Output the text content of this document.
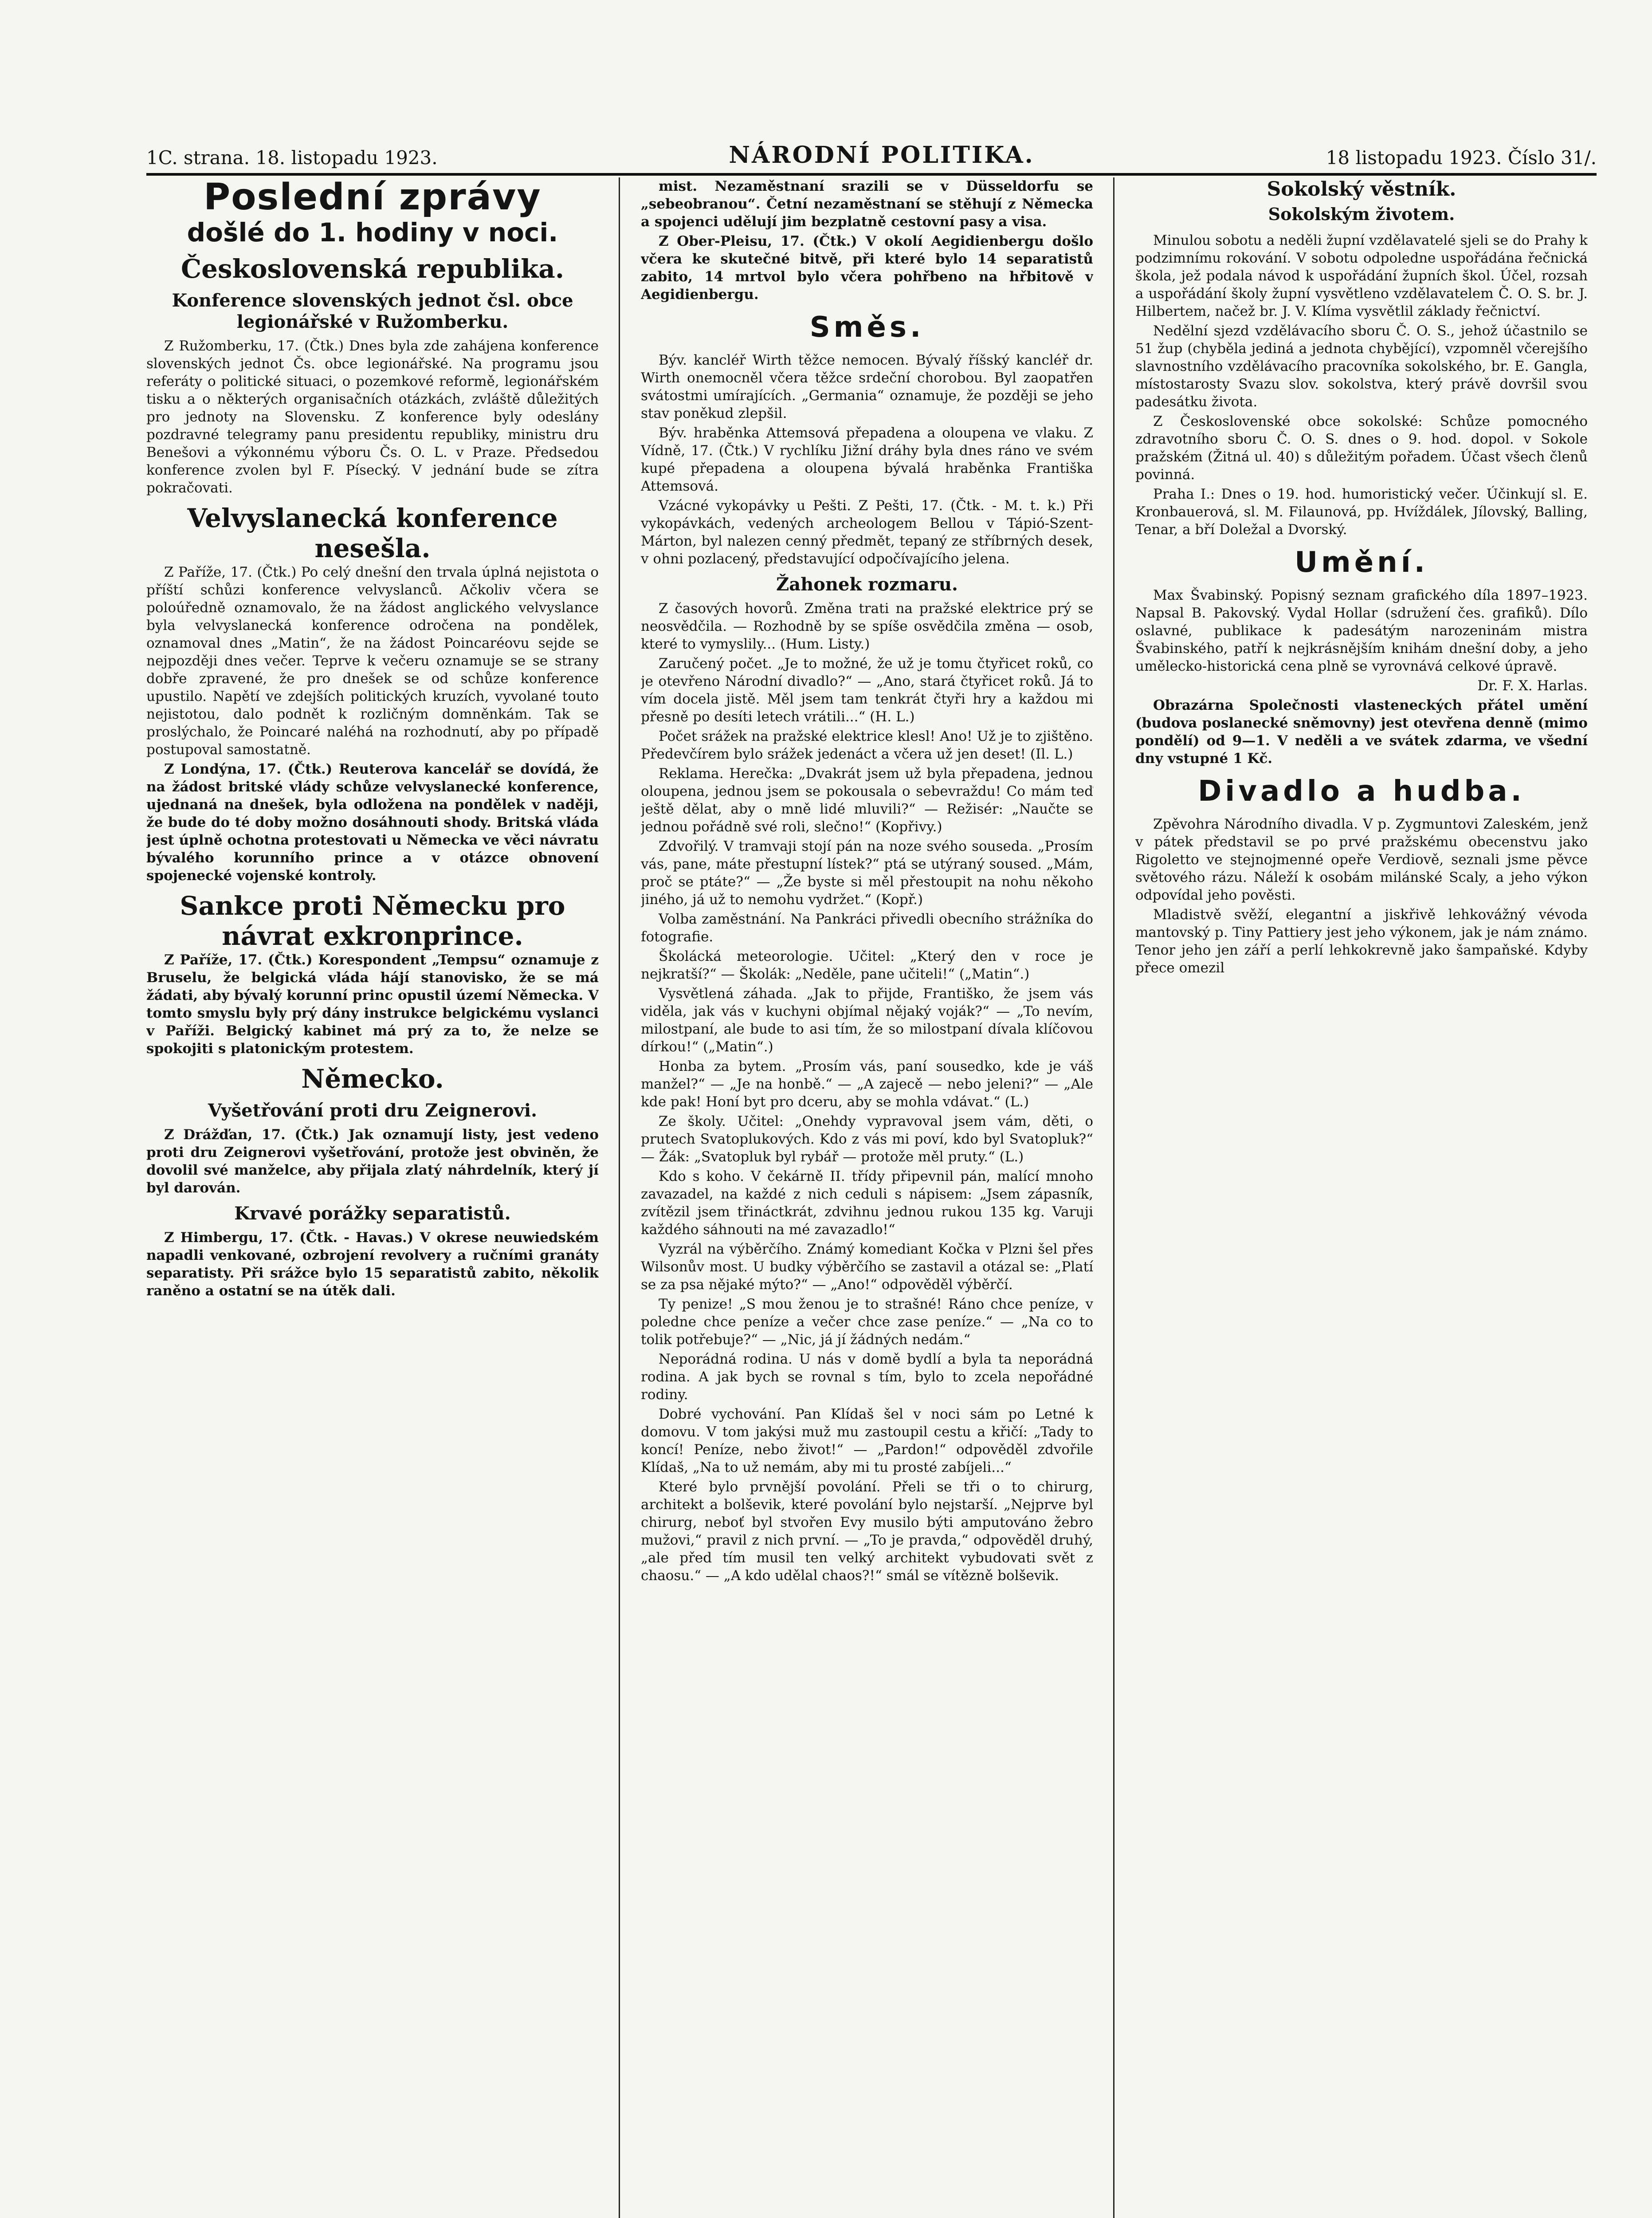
1C. strana. 18. listopadu 1923.	NÁRODNÍ POLITIKA.	18 listopadu 1923. Číslo 31/.
Poslední zprávy
došlé do 1. hodiny v noci.
Československá republika.
Konference slovenských jednot čsl. obce legionářské v Ružomberku.

Z Ružomberku, 17. (Čtk.) Dnes byla zde zahájena konference slovenských jednot Čs. obce legionářské. Na programu jsou referáty o politické situaci, o pozemkové reformě, legionářském tisku a o některých organisačních otázkách, zvláště důležitých pro jednoty na Slovensku. Z konference byly odeslány pozdravné telegramy panu presidentu republiky, ministru dru Benešovi a výkonnému výboru Čs. O. L. v Praze. Předsedou konference zvolen byl F. Písecký. V jednání bude se zítra pokračovati.

Velvyslanecká konference nesešla.

Z Paříže, 17. (Čtk.) Po celý dnešní den trvala úplná nejistota o příští schůzi konference velvyslanců. Ačkoliv včera se poloúředně oznamovalo, že na žádost anglického velvyslance byla velvyslanecká konference odročena na pondělek, oznamoval dnes „Matin“, že na žádost Poincaréovu sejde se nejpozději dnes večer. Teprve k večeru oznamuje se se strany dobře zpravené, že pro dnešek se od schůze konference upustilo. Napětí ve zdejších politických kruzích, vyvolané touto nejistotou, dalo podnět k rozličným domněnkám. Tak se proslýchalo, že Poincaré naléhá na rozhodnutí, aby po případě postupoval samostatně.

Z Londýna, 17. (Čtk.) Reuterova kancelář se dovídá, že na žádost britské vlády schůze velvyslanecké konference, ujednaná na dnešek, byla odložena na pondělek v naději, že bude do té doby možno dosáhnouti shody. Britská vláda jest úplně ochotna protestovati u Německa ve věci návratu bývalého korunního prince a v otázce obnovení spojenecké vojenské kontroly.

Sankce proti Německu pro návrat exkronprince.

Z Paříže, 17. (Čtk.) Korespondent „Tempsu“ oznamuje z Bruselu, že belgická vláda hájí stanovisko, že se má žádati, aby bývalý korunní princ opustil území Německa. V tomto smyslu byly prý dány instrukce belgickému vyslanci v Paříži. Belgický kabinet má prý za to, že nelze se spokojiti s platonickým protestem.

Německo.
Vyšetřování proti dru Zeignerovi.

Z Drážďan, 17. (Čtk.) Jak oznamují listy, jest vedeno proti dru Zeignerovi vyšetřování, protože jest obviněn, že dovolil své manželce, aby přijala zlatý náhrdelník, který jí byl darován.

Krvavé porážky separatistů.

Z Himbergu, 17. (Čtk. - Havas.) V okrese neuwiedském napadli venkované, ozbrojení revolvery a ručními granáty separatisty. Při srážce bylo 15 separatistů zabito, několik raněno a ostatní se na útěk dali.

mist. Nezaměstnaní srazili se v Düsseldorfu se „sebeobranou“. Četní nezaměstnaní se stěhují z Německa a spojenci udělují jim bezplatně cestovní pasy a visa.

Z Ober-Pleisu, 17. (Čtk.) V okolí Aegidienbergu došlo včera ke skutečné bitvě, při které bylo 14 separatistů zabito, 14 mrtvol bylo včera pohřbeno na hřbitově v Aegidienbergu.

Směs.

Býv. kancléř Wirth těžce nemocen. Bývalý říšský kancléř dr. Wirth onemocněl včera těžce srdeční chorobou. Byl zaopatřen svátostmi umírajících. „Germania“ oznamuje, že později se jeho stav poněkud zlepšil.

Býv. hraběnka Attemsová přepadena a oloupena ve vlaku. Z Vídně, 17. (Čtk.) V rychlíku Jižní dráhy byla dnes ráno ve svém kupé přepadena a oloupena bývalá hraběnka Františka Attemsová.

Vzácné vykopávky u Pešti. Z Pešti, 17. (Čtk. - M. t. k.) Při vykopávkách, vedených archeologem Bellou v Tápió-Szent-Márton, byl nalezen cenný předmět, tepaný ze stříbrných desek, v ohni pozlacený, představující odpočívajícího jelena.

Žahonek rozmaru.

Z časových hovorů. Změna trati na pražské elektrice prý se neosvědčila. — Rozhodně by se spíše osvědčila změna — osob, které to vymyslily... (Hum. Listy.)

Zaručený počet. „Je to možné, že už je tomu čtyřicet roků, co je otevřeno Národní divadlo?“ — „Ano, stará čtyřicet roků. Já to vím docela jistě. Měl jsem tam tenkrát čtyři hry a každou mi přesně po desíti letech vrátili...“ (H. L.)

Počet srážek na pražské elektrice klesl! Ano! Už je to zjištěno. Předevčírem bylo srážek jedenáct a včera už jen deset! (Il. L.)

Reklama. Herečka: „Dvakrát jsem už byla přepadena, jednou oloupena, jednou jsem se pokousala o sebevraždu! Co mám teď ještě dělat, aby o mně lidé mluvili?“ — Režisér: „Naučte se jednou pořádně své roli, slečno!“ (Kopřivy.)

Zdvořilý. V tramvaji stojí pán na noze svého souseda. „Prosím vás, pane, máte přestupní lístek?“ ptá se utýraný soused. „Mám, proč se ptáte?“ — „Že byste si měl přestoupit na nohu někoho jiného, já už to nemohu vydržet.“ (Kopř.)

Volba zaměstnání. Na Pankráci přivedli obecního strážníka do fotografie.

Školácká meteorologie. Učitel: „Který den v roce je nejkratší?“ — Školák: „Neděle, pane učiteli!“ („Matin“.)

Vysvětlená záhada. „Jak to přijde, Františko, že jsem vás viděla, jak vás v kuchyni objímal nějaký voják?“ — „To nevím, milostpaní, ale bude to asi tím, že so milostpaní dívala klíčovou dírkou!“ („Matin“.)

Honba za bytem. „Prosím vás, paní sousedko, kde je váš manžel?“ — „Je na honbě.“ — „A zajecě — nebo jeleni?“ — „Ale kde pak! Honí byt pro dceru, aby se mohla vdávat.“ (L.)

Ze školy. Učitel: „Onehdy vypravoval jsem vám, děti, o prutech Svatoplukových. Kdo z vás mi poví, kdo byl Svatopluk?“ — Žák: „Svatopluk byl rybář — protože měl pruty.“ (L.)

Kdo s koho. V čekárně II. třídy připevnil pán, malící mnoho zavazadel, na každé z nich ceduli s nápisem: „Jsem zápasník, zvítězil jsem třináctkrát, zdvihnu jednou rukou 135 kg. Varuji každého sáhnouti na mé zavazadlo!“

Vyzrál na výběrčího. Známý komediant Kočka v Plzni šel přes Wilsonův most. U budky výběrčího se zastavil a otázal se: „Platí se za psa nějaké mýto?“ — „Ano!“ odpověděl výběrčí.

Ty penize! „S mou ženou je to strašné! Ráno chce peníze, v poledne chce peníze a večer chce zase peníze.“ — „Na co to tolik potřebuje?“ — „Nic, já jí žádných nedám.“

Neporádná rodina. U nás v domě bydlí a byla ta neporádná rodina. A jak bych se rovnal s tím, bylo to zcela nepořádné rodiny.

Dobré vychování. Pan Klídaš šel v noci sám po Letné k domovu. V tom jakýsi muž mu zastoupil cestu a křičí: „Tady to koncí! Peníze, nebo život!“ — „Pardon!“ odpověděl zdvořile Klídaš, „Na to už nemám, aby mi tu prosté zabíjeli...“

Které bylo prvnější povolání. Přeli se tři o to chirurg, architekt a bolševik, které povolání bylo nejstarší. „Nejprve byl chirurg, neboť byl stvořen Evy musilo býti amputováno žebro mužovi,“ pravil z nich první. — „To je pravda,“ odpověděl druhý, „ale před tím musil ten velký architekt vybudovati svět z chaosu.“ — „A kdo udělal chaos?!“ smál se vítězně bolševik.

Sokolský věstník.
Sokolským životem.

Minulou sobotu a neděli župní vzdělavatelé sjeli se do Prahy k podzimnímu rokování. V sobotu odpoledne uspořádána řečnická škola, jež podala návod k uspořádání župních škol. Účel, rozsah a uspořádání školy župní vysvětleno vzdělavatelem Č. O. S. br. J. Hilbertem, načež br. J. V. Klíma vysvětlil základy řečnictví.

Nedělní sjezd vzdělávacího sboru Č. O. S., jehož účastnilo se 51 žup (chyběla jediná a jednota chybějící), vzpomněl včerejšího slavnostního vzdělávacího pracovníka sokolského, br. E. Gangla, místostarosty Svazu slov. sokolstva, který právě dovršil svou padesátku života.

Z Československé obce sokolské: Schůze pomocného zdravotního sboru Č. O. S. dnes o 9. hod. dopol. v Sokole pražském (Žitná ul. 40) s důležitým pořadem. Účast všech členů povinná.

Praha I.: Dnes o 19. hod. humoristický večer. Účinkují sl. E. Kronbauerová, sl. M. Filaunová, pp. Hvíždálek, Jílovský, Balling, Tenar, a bří Doležal a Dvorský.

Umění.

Max Švabinský. Popisný seznam grafického díla 1897–1923. Napsal B. Pakovský. Vydal Hollar (sdružení čes. grafiků). Dílo oslavné, publikace k padesátým narozeninám mistra Švabinského, patří k nejkrásnějším knihám dnešní doby, a jeho umělecko-historická cena plně se vyrovnává celkové úpravě.

Dr. F. X. Harlas.

Obrazárna Společnosti vlasteneckých přátel umění (budova poslanecké sněmovny) jest otevřena denně (mimo pondělí) od 9—1. V neděli a ve svátek zdarma, ve všední dny vstupné 1 Kč.

Divadlo a hudba.

Zpěvohra Národního divadla. V p. Zygmuntovi Zaleském, jenž v pátek představil se po prvé pražskému obecenstvu jako Rigoletto ve stejnojmenné opeře Verdiově, seznali jsme pěvce světového rázu. Náleží k osobám milánské Scaly, a jeho výkon odpovídal jeho pověsti.

Mladistvě svěží, elegantní a jiskřivě lehkovážný vévoda mantovský p. Tiny Pattiery jest jeho výkonem, jak je nám známo. Tenor jeho jen září a perlí lehkokrevně jako šampaňské. Kdyby přece omezil
